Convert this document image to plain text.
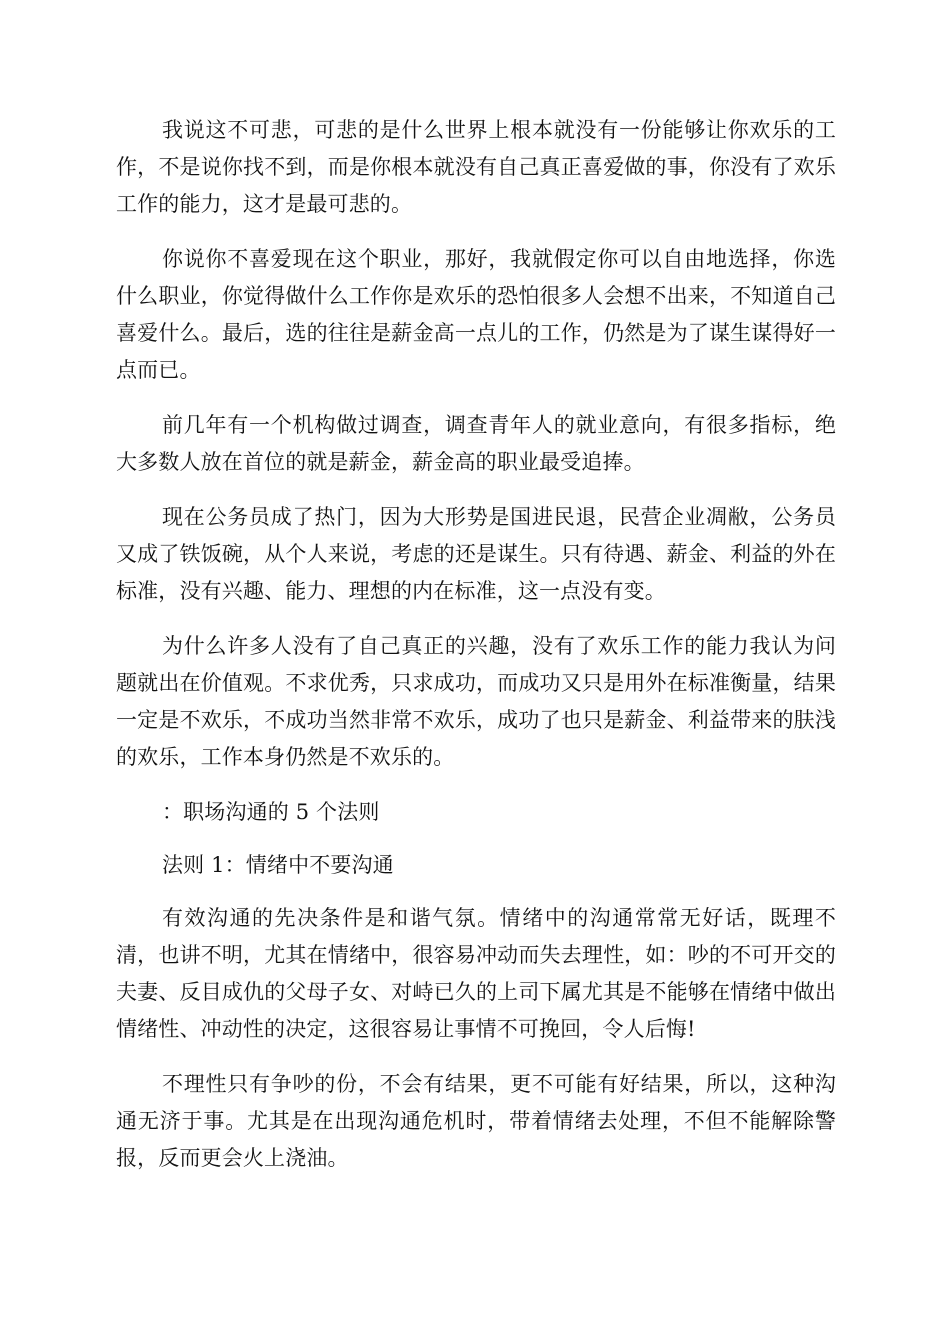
我说这不可悲，可悲的是什么世界上根本就没有一份能够让你欢乐的工作，不是说你找不到，而是你根本就没有自己真正喜爱做的事，你没有了欢乐工作的能力，这才是最可悲的。

你说你不喜爱现在这个职业，那好，我就假定你可以自由地选择，你选什么职业，你觉得做什么工作你是欢乐的恐怕很多人会想不出来，不知道自己喜爱什么。最后，选的往往是薪金高一点儿的工作，仍然是为了谋生谋得好一点而已。

前几年有一个机构做过调查，调查青年人的就业意向，有很多指标，绝大多数人放在首位的就是薪金，薪金高的职业最受追捧。

现在公务员成了热门，因为大形势是国进民退，民营企业凋敝，公务员又成了铁饭碗，从个人来说，考虑的还是谋生。只有待遇、薪金、利益的外在标准，没有兴趣、能力、理想的内在标准，这一点没有变。

为什么许多人没有了自己真正的兴趣，没有了欢乐工作的能力我认为问题就出在价值观。不求优秀，只求成功，而成功又只是用外在标准衡量，结果一定是不欢乐，不成功当然非常不欢乐，成功了也只是薪金、利益带来的肤浅的欢乐，工作本身仍然是不欢乐的。

：职场沟通的 5 个法则

法则 1：情绪中不要沟通

有效沟通的先决条件是和谐气氛。情绪中的沟通常常无好话，既理不清，也讲不明，尤其在情绪中，很容易冲动而失去理性，如：吵的不可开交的夫妻、反目成仇的父母子女、对峙已久的上司下属尤其是不能够在情绪中做出情绪性、冲动性的决定，这很容易让事情不可挽回，令人后悔!

不理性只有争吵的份，不会有结果，更不可能有好结果，所以，这种沟通无济于事。尤其是在出现沟通危机时，带着情绪去处理，不但不能解除警报，反而更会火上浇油。
